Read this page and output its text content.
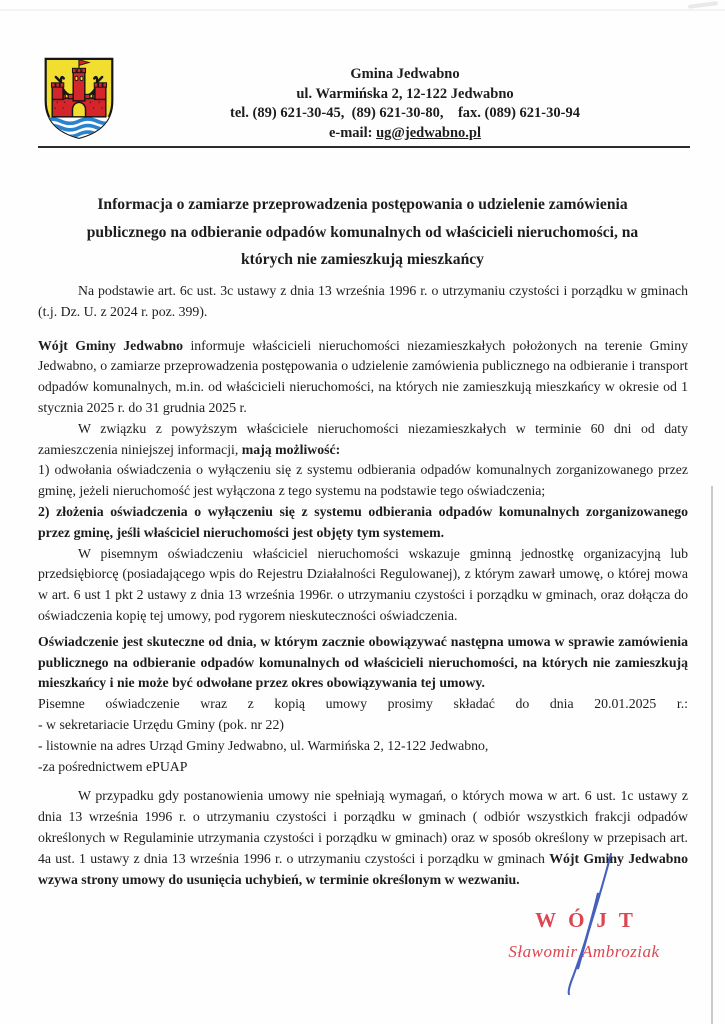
Gmina Jedwabno
ul. Warmińska 2, 12-122 Jedwabno
tel. (89) 621-30-45,  (89) 621-30-80,    fax. (089) 621-30-94
e-mail: ug@jedwabno.pl
Informacja o zamiarze przeprowadzenia postępowania o udzielenie zamówienia publicznego na odbieranie odpadów komunalnych od właścicieli nieruchomości, na których nie zamieszkują mieszkańcy

Na podstawie art. 6c ust. 3c ustawy z dnia 13 września 1996 r. o utrzymaniu czystości i porządku w gminach (t.j. Dz. U. z 2024 r. poz. 399).

Wójt Gminy Jedwabno informuje właścicieli nieruchomości niezamieszkałych położonych na terenie Gminy Jedwabno, o zamiarze przeprowadzenia postępowania o udzielenie zamówienia publicznego na odbieranie i transport odpadów komunalnych, m.in. od właścicieli nieruchomości, na których nie zamieszkują mieszkańcy w okresie od 1 stycznia 2025 r. do 31 grudnia 2025 r.

W związku z powyższym właściciele nieruchomości niezamieszkałych w terminie 60 dni od daty zamieszczenia niniejszej informacji, mają możliwość:

1) odwołania oświadczenia o wyłączeniu się z systemu odbierania odpadów komunalnych zorganizowanego przez gminę, jeżeli nieruchomość jest wyłączona z tego systemu na podstawie tego oświadczenia;

2) złożenia oświadczenia o wyłączeniu się z systemu odbierania odpadów komunalnych zorganizowanego przez gminę, jeśli właściciel nieruchomości jest objęty tym systemem.

W pisemnym oświadczeniu właściciel nieruchomości wskazuje gminną jednostkę organizacyjną lub przedsiębiorcę (posiadającego wpis do Rejestru Działalności Regulowanej), z którym zawarł umowę, o której mowa w art. 6 ust 1 pkt 2 ustawy z dnia 13 września 1996r. o utrzymaniu czystości i porządku w gminach, oraz dołącza do oświadczenia kopię tej umowy, pod rygorem nieskuteczności oświadczenia.

Oświadczenie jest skuteczne od dnia, w którym zacznie obowiązywać następna umowa w sprawie zamówienia publicznego na odbieranie odpadów komunalnych od właścicieli nieruchomości, na których nie zamieszkują mieszkańcy i nie może być odwołane przez okres obowiązywania tej umowy.

Pisemne oświadczenie wraz z kopią umowy prosimy składać do dnia 20.01.2025 r.:

- w sekretariacie Urzędu Gminy (pok. nr 22)

- listownie na adres Urząd Gminy Jedwabno, ul. Warmińska 2, 12-122 Jedwabno,

-za pośrednictwem ePUAP

W przypadku gdy postanowienia umowy nie spełniają wymagań, o których mowa w art. 6 ust. 1c ustawy z dnia 13 września 1996 r. o utrzymaniu czystości i porządku w gminach ( odbiór wszystkich frakcji odpadów określonych w Regulaminie utrzymania czystości i porządku w gminach) oraz w sposób określony w przepisach art. 4a ust. 1 ustawy z dnia 13 września 1996 r. o utrzymaniu czystości i porządku w gminach Wójt Gminy Jedwabno wzywa strony umowy do usunięcia uchybień, w terminie określonym w wezwaniu.

WÓJT
Sławomir Ambroziak
